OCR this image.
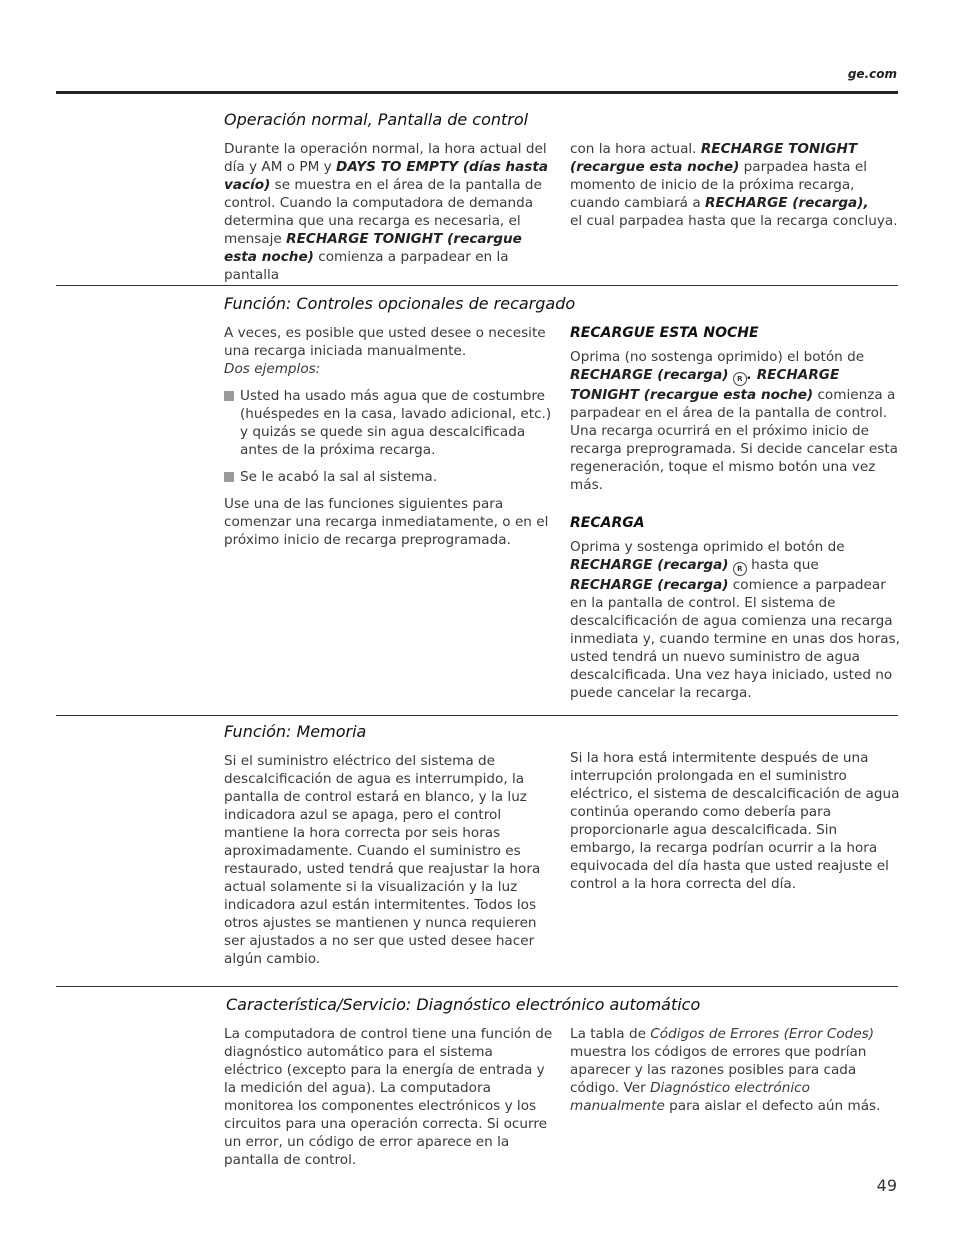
ge.com
Operación normal, Pantalla de control

Durante la operación normal, la hora actual del día y AM o PM y DAYS TO EMPTY (días hasta vacío) se muestra en el área de la pantalla de control. Cuando la computadora de demanda determina que una recarga es necesaria, el mensaje RECHARGE TONIGHT (recargue esta noche) comienza a parpadear en la pantalla

con la hora actual. RECHARGE TONIGHT (recargue esta noche) parpadea hasta el momento de inicio de la próxima recarga, cuando cambiará a RECHARGE (recarga),
el cual parpadea hasta que la recarga concluya.

Función: Controles opcionales de recargado

A veces, es posible que usted desee o necesite una recarga iniciada manualmente.
Dos ejemplos:

Usted ha usado más agua que de costumbre (huéspedes en la casa, lavado adicional, etc.) y quizás se quede sin agua descalcificada antes de la próxima recarga.
Se le acabó la sal al sistema.

Use una de las funciones siguientes para comenzar una recarga inmediatamente, o en el próximo inicio de recarga preprogramada.

RECARGUE ESTA NOCHE

Oprima (no sostenga oprimido) el botón de RECHARGE (recarga) R . RECHARGE TONIGHT (recargue esta noche) comienza a parpadear en el área de la pantalla de control. Una recarga ocurrirá en el próximo inicio de recarga preprogramada. Si decide cancelar esta regeneración, toque el mismo botón una vez más.

RECARGA

Oprima y sostenga oprimido el botón de RECHARGE (recarga) R hasta que RECHARGE (recarga) comience a parpadear en la pantalla de control. El sistema de descalcificación de agua comienza una recarga inmediata y, cuando termine en unas dos horas, usted tendrá un nuevo suministro de agua descalcificada. Una vez haya iniciado, usted no puede cancelar la recarga.

Función: Memoria

Si el suministro eléctrico del sistema de descalcificación de agua es interrumpido, la pantalla de control estará en blanco, y la luz indicadora azul se apaga, pero el control mantiene la hora correcta por seis horas aproximadamente. Cuando el suministro es restaurado, usted tendrá que reajustar la hora actual solamente si la visualización y la luz indicadora azul están intermitentes. Todos los otros ajustes se mantienen y nunca requieren ser ajustados a no ser que usted desee hacer algún cambio.

Si la hora está intermitente después de una interrupción prolongada en el suministro eléctrico, el sistema de descalcificación de agua continúa operando como debería para proporcionarle agua descalcificada. Sin embargo, la recarga podrían ocurrir a la hora equivocada del día hasta que usted reajuste el control a la hora correcta del día.

Característica/Servicio: Diagnóstico electrónico automático

La computadora de control tiene una función de diagnóstico automático para el sistema eléctrico (excepto para la energía de entrada y la medición del agua). La computadora monitorea los componentes electrónicos y los circuitos para una operación correcta. Si ocurre un error, un código de error aparece en la pantalla de control.

La tabla de Códigos de Errores (Error Codes) muestra los códigos de errores que podrían aparecer y las razones posibles para cada código. Ver Diagnóstico electrónico manualmente para aislar el defecto aún más.

49
